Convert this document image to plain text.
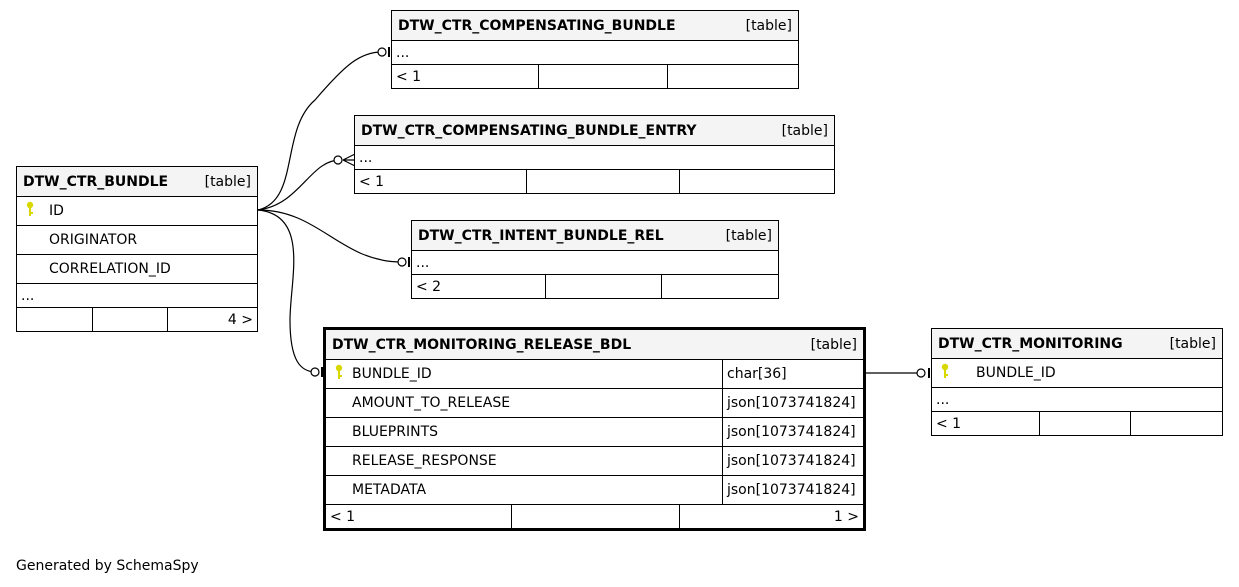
DTW_CTR_BUNDLE	[table]
ID
ORIGINATOR
CORRELATION_ID
...
4 >
DTW_CTR_COMPENSATING_BUNDLE	[table]
...
< 1
DTW_CTR_COMPENSATING_BUNDLE_ENTRY	[table]
...
< 1
DTW_CTR_INTENT_BUNDLE_REL	[table]
...
< 2
DTW_CTR_MONITORING_RELEASE_BDL	[table]
BUNDLE_ID	char[36]
AMOUNT_TO_RELEASE	json[1073741824]
BLUEPRINTS	json[1073741824]
RELEASE_RESPONSE	json[1073741824]
METADATA	json[1073741824]
< 1	1 >
DTW_CTR_MONITORING	[table]
BUNDLE_ID
...
< 1
Generated by SchemaSpy
